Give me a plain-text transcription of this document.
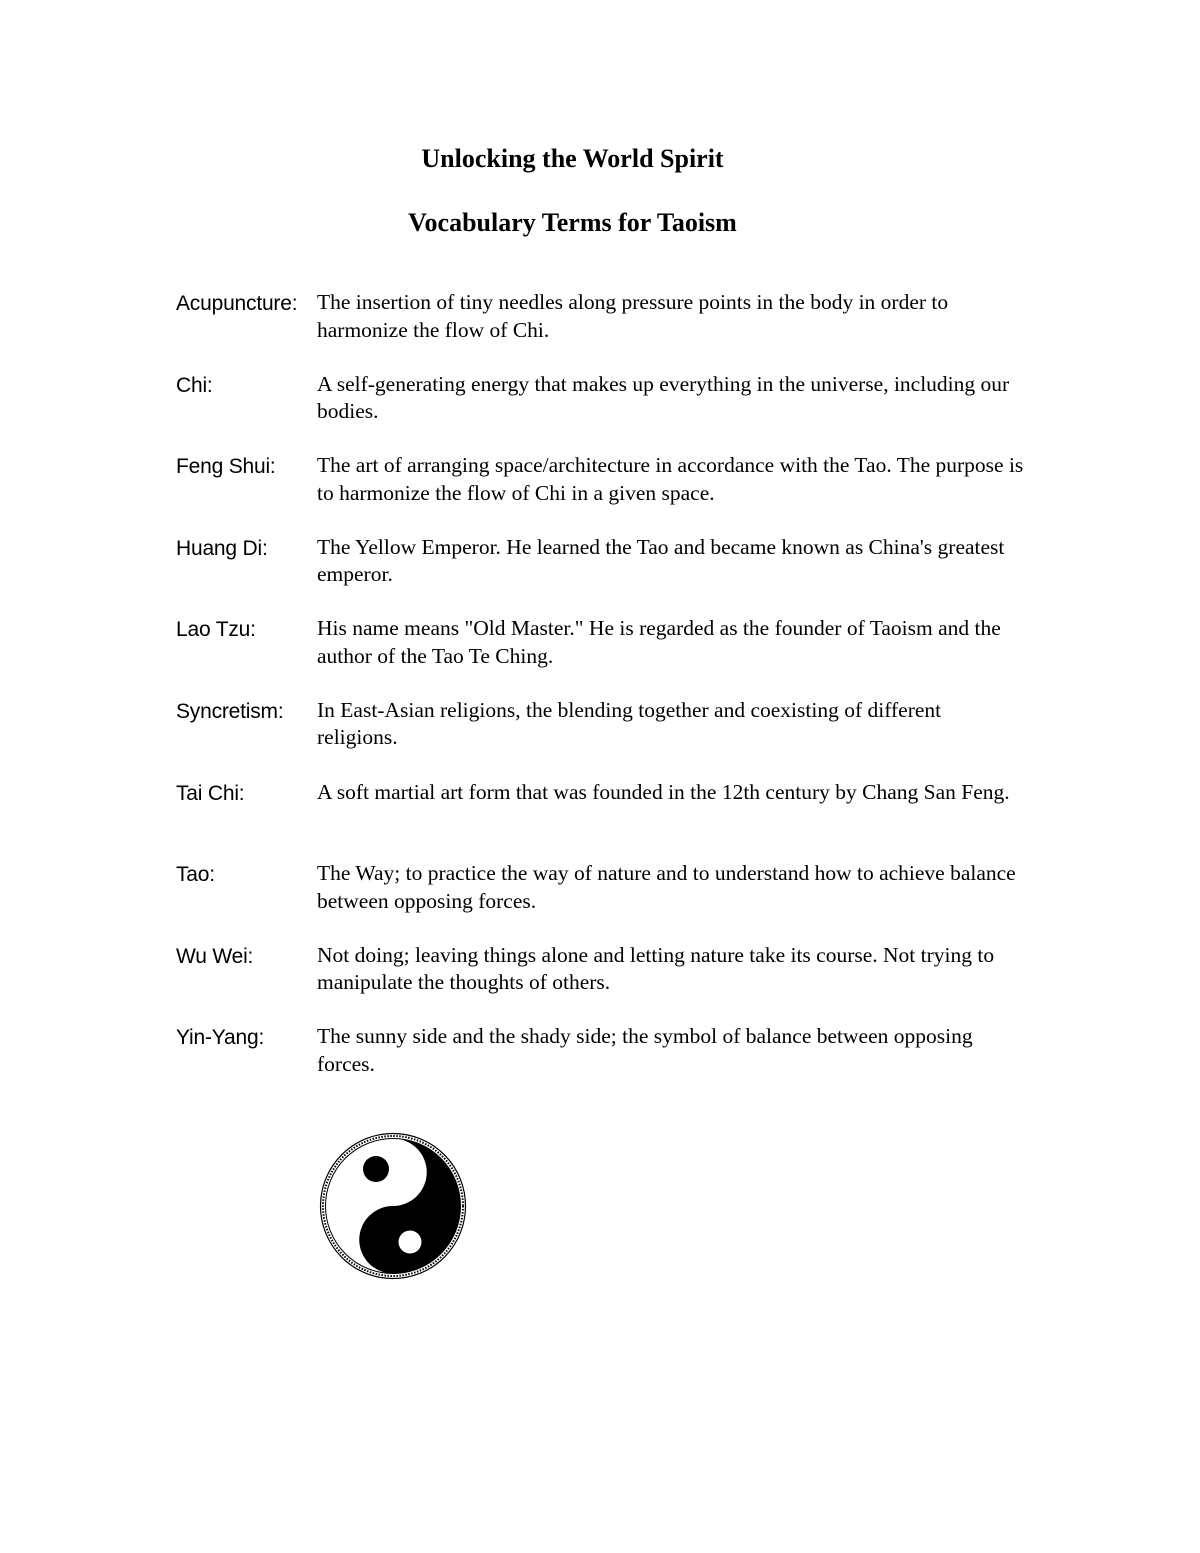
Unlocking the World Spirit
Vocabulary Terms for Taoism
Acupuncture: The insertion of tiny needles along pressure points in the body in order to harmonize the flow of Chi.
Chi:	A self-generating energy that makes up everything in the universe, including our bodies.
Feng Shui: The art of arranging space/architecture in accordance with the Tao. The purpose is to harmonize the flow of Chi in a given space.
Huang Di: The Yellow Emperor. He learned the Tao and became known as China's greatest emperor.
Lao Tzu:	His name means "Old Master." He is regarded as the founder of Taoism and the author of the Tao Te Ching.
Syncretism: In East-Asian religions, the blending together and coexisting of different religions.
Tai Chi:	A soft martial art form that was founded in the 12th century by Chang San Feng.
Tao:	The Way; to practice the way of nature and to understand how to achieve balance between opposing forces.
Wu Wei:	Not doing; leaving things alone and letting nature take its course. Not trying to manipulate the thoughts of others.
Yin-Yang: The sunny side and the shady side; the symbol of balance between opposing forces.
